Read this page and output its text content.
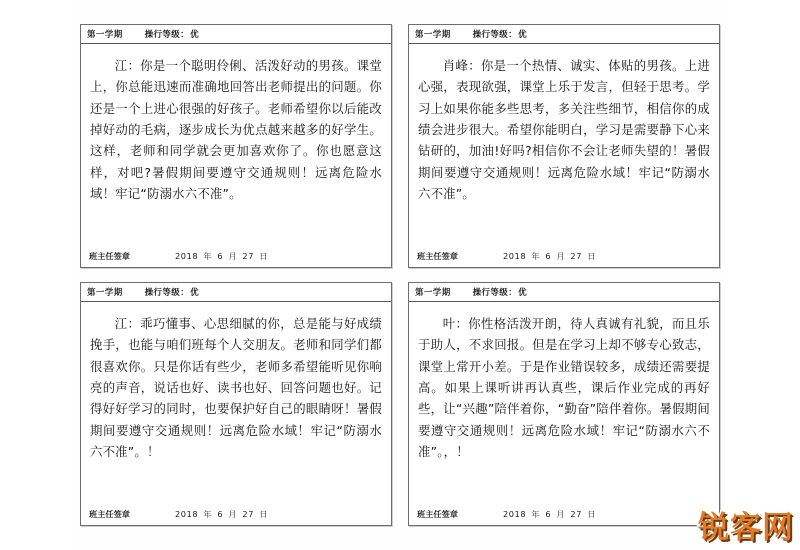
第一学期	操行等级： 优
江：你是一个聪明伶俐、活泼好动的男孩。课堂上，你总能迅速而准确地回答出老师提出的问题。你还是一个上进心很强的好孩子。老师希望你以后能改掉好动的毛病，逐步成长为优点越来越多的好学生。这样，老师和同学就会更加喜欢你了。你也愿意这样，对吧?暑假期间要遵守交通规则！远离危险水域！牢记“防溺水六不准”。
班主任签章	2018 年 6 月 27 日
第一学期	操行等级： 优
肖峰：你是一个热情、诚实、体贴的男孩。上进心强，表现欲强，课堂上乐于发言，但轻于思考。学习上如果你能多些思考，多关注些细节，相信你的成绩会进步很大。希望你能明白，学习是需要静下心来钻研的，加油!好吗?相信你不会让老师失望的！暑假期间要遵守交通规则！远离危险水域！牢记“防溺水六不准”。
班主任签章	2018 年 6 月 27 日
第一学期	操行等级： 优
江：乖巧懂事、心思细腻的你，总是能与好成绩挽手，也能与咱们班每个人交朋友。老师和同学们都很喜欢你。只是你话有些少，老师多希望能听见你响亮的声音，说话也好、读书也好、回答问题也好。记得好好学习的同时，也要保护好自己的眼睛呀！暑假期间要遵守交通规则！远离危险水域！牢记“防溺水六不准”。！
班主任签章	2018 年 6 月 27 日
第一学期	操行等级： 优
叶：你性格活泼开朗，待人真诚有礼貌，而且乐于助人，不求回报。但是在学习上却不够专心致志，课堂上常开小差。于是作业错误较多，成绩还需要提高。如果上课听讲再认真些，课后作业完成的再好些，让“兴趣”陪伴着你，“勤奋”陪伴着你。暑假期间要遵守交通规则！远离危险水域！牢记“防溺水六不准”。，！
班主任签章	2018 年 6 月 27 日	锐客网
